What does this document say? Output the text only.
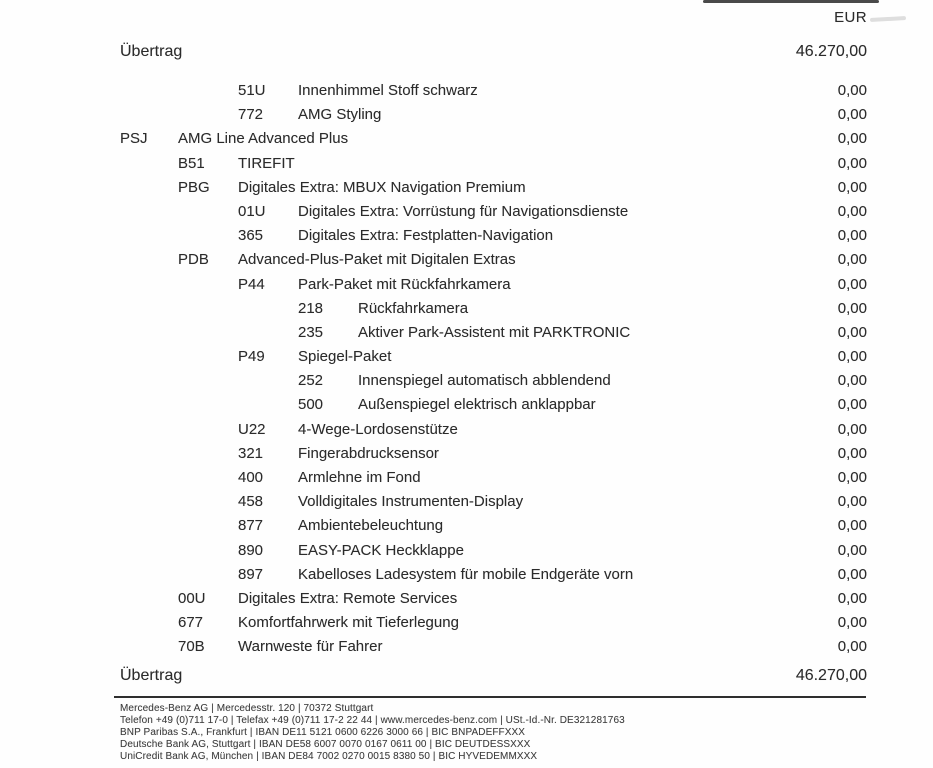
EUR
Übertrag	46.270,00
51U Innenhimmel Stoff schwarz	0,00
772 AMG Styling	0,00
PSJ AMG Line Advanced Plus	0,00
B51 TIREFIT	0,00
PBG Digitales Extra: MBUX Navigation Premium	0,00
01U Digitales Extra: Vorrüstung für Navigationsdienste	0,00
365 Digitales Extra: Festplatten-Navigation	0,00
PDB Advanced-Plus-Paket mit Digitalen Extras	0,00
P44 Park-Paket mit Rückfahrkamera	0,00
218 Rückfahrkamera	0,00
235 Aktiver Park-Assistent mit PARKTRONIC	0,00
P49 Spiegel-Paket	0,00
252 Innenspiegel automatisch abblendend	0,00
500 Außenspiegel elektrisch anklappbar	0,00
U22 4-Wege-Lordosenstütze	0,00
321 Fingerabdrucksensor	0,00
400 Armlehne im Fond	0,00
458 Volldigitales Instrumenten-Display	0,00
877 Ambientebeleuchtung	0,00
890 EASY-PACK Heckklappe	0,00
897 Kabelloses Ladesystem für mobile Endgeräte vorn	0,00
00U Digitales Extra: Remote Services	0,00
677 Komfortfahrwerk mit Tieferlegung	0,00
70B Warnweste für Fahrer	0,00
Übertrag	46.270,00
Mercedes-Benz AG | Mercedesstr. 120 | 70372 Stuttgart
Telefon +49 (0)711 17-0 | Telefax +49 (0)711 17-2 22 44 | www.mercedes-benz.com | USt.-Id.-Nr. DE321281763
BNP Paribas S.A., Frankfurt | IBAN DE11 5121 0600 6226 3000 66 | BIC BNPADEFFXXX
Deutsche Bank AG, Stuttgart | IBAN DE58 6007 0070 0167 0611 00 | BIC DEUTDESSXXX
UniCredit Bank AG, München | IBAN DE84 7002 0270 0015 8380 50 | BIC HYVEDEMMXXX
